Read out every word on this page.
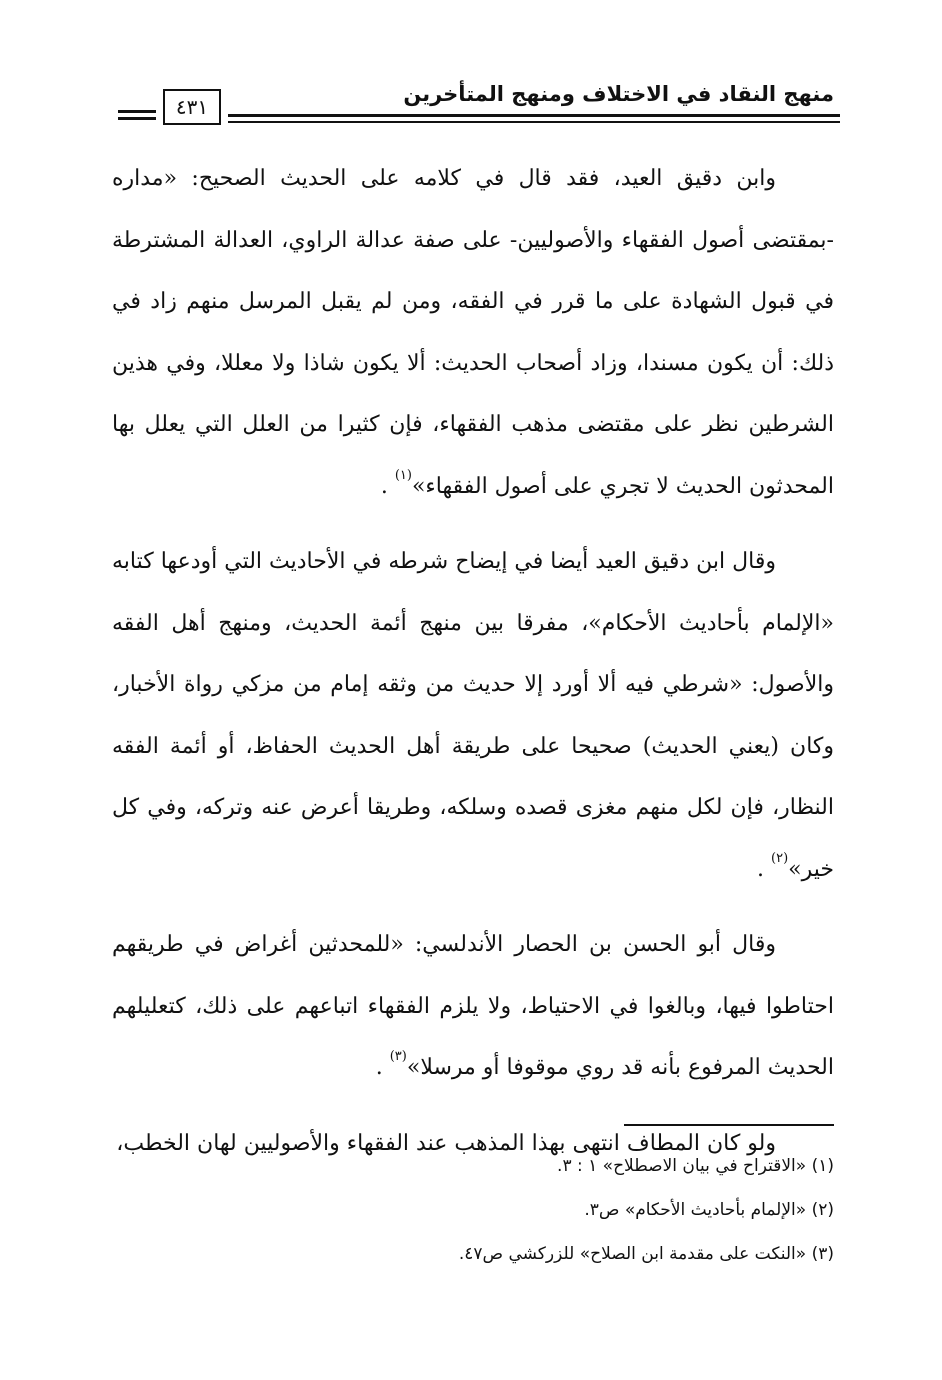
منهج النقاد في الاختلاف ومنهج المتأخرين
٤٣١

وابن دقيق العيد، فقد قال في كلامه على الحديث الصحيح: «مداره -بمقتضى أصول الفقهاء والأصوليين- على صفة عدالة الراوي، العدالة المشترطة في قبول الشهادة على ما قرر في الفقه، ومن لم يقبل المرسل منهم زاد في ذلك: أن يكون مسندا، وزاد أصحاب الحديث: ألا يكون شاذا ولا معللا، وفي هذين الشرطين نظر على مقتضى مذهب الفقهاء، فإن كثيرا من العلل التي يعلل بها المحدثون الحديث لا تجري على أصول الفقهاء»$^{(١)}$ .

وقال ابن دقيق العيد أيضا في إيضاح شرطه في الأحاديث التي أودعها كتابه «الإلمام بأحاديث الأحكام»، مفرقا بين منهج أئمة الحديث، ومنهج أهل الفقه والأصول: «شرطي فيه ألا أورد إلا حديث من وثقه إمام من مزكي رواة الأخبار، وكان (يعني الحديث) صحيحا على طريقة أهل الحديث الحفاظ، أو أئمة الفقه النظار، فإن لكل منهم مغزى قصده وسلكه، وطريقا أعرض عنه وتركه، وفي كل خير»$^{(٢)}$ .

وقال أبو الحسن بن الحصار الأندلسي: «للمحدثين أغراض في طريقهم احتاطوا فيها، وبالغوا في الاحتياط، ولا يلزم الفقهاء اتباعهم على ذلك، كتعليلهم الحديث المرفوع بأنه قد روي موقوفا أو مرسلا»$^{(٣)}$ .

ولو كان المطاف انتهى بهذا المذهب عند الفقهاء والأصوليين لهان الخطب،

(١) «الاقتراح في بيان الاصطلاح» ١ : ٣.

(٢) «الإلمام بأحاديث الأحكام» ص٣.

(٣) «النكت على مقدمة ابن الصلاح» للزركشي ص٤٧.
